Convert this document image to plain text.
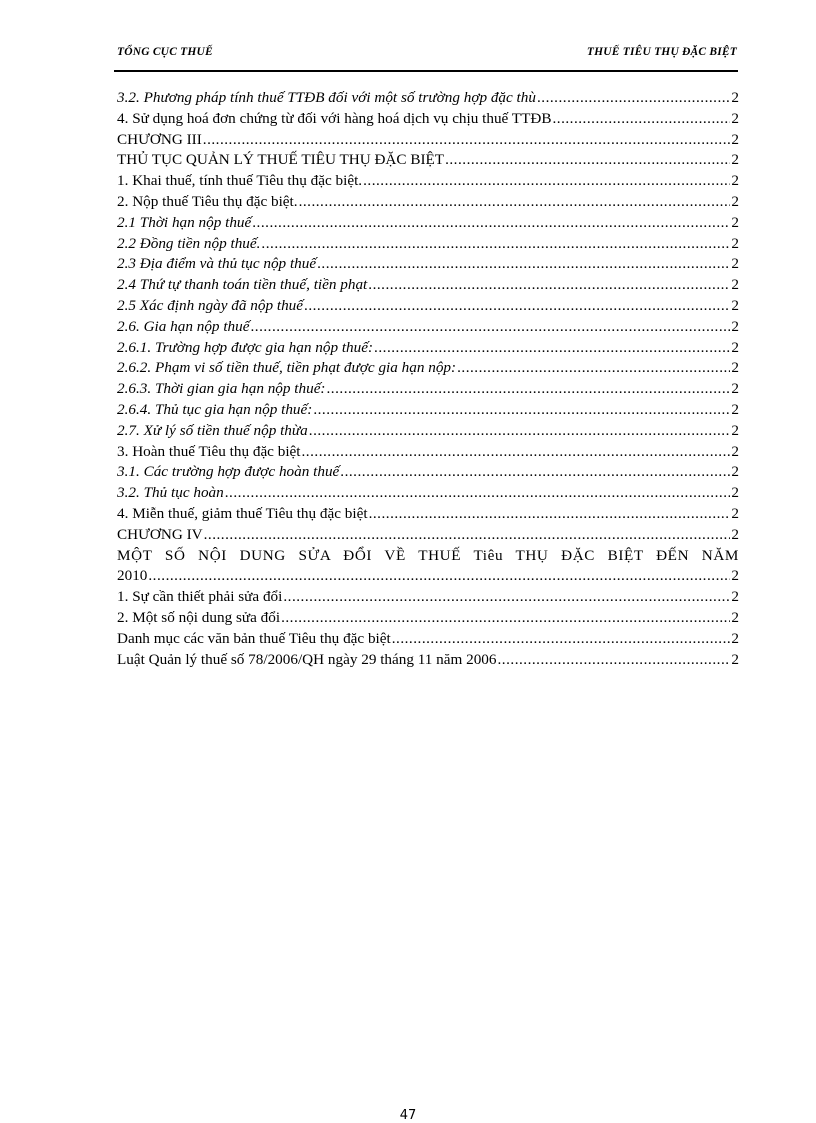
TỔNG CỤC THUẾ	THUẾ TIÊU THỤ ĐẶC BIỆT
3.2. Phương pháp tính thuế TTĐB đối với một số trường hợp đặc thù .....	2
4. Sử dụng hoá đơn chứng từ đối với hàng hoá dịch vụ chịu thuế TTĐB .....	2
CHƯƠNG III .....	2
THỦ TỤC QUẢN LÝ THUẾ TIÊU THỤ ĐẶC BIỆT .....	2
1. Khai thuế, tính thuế Tiêu thụ đặc biệt. .....	2
2. Nộp thuế Tiêu thụ đặc biệt. .....	2
2.1 Thời hạn nộp thuế .....	2
2.2 Đồng tiền nộp thuế. .....	2
2.3 Địa điểm và thủ tục nộp thuế .....	2
2.4 Thứ tự thanh toán tiền thuế, tiền phạt .....	2
2.5 Xác định ngày đã nộp thuế .....	2
2.6. Gia hạn nộp thuế .....	2
2.6.1. Trường hợp được gia hạn nộp thuế: .....	2
2.6.2. Phạm vi số tiền thuế, tiền phạt được gia hạn nộp: .....	2
2.6.3. Thời gian gia hạn nộp thuế: .....	2
2.6.4. Thủ tục gia hạn nộp thuế: .....	2
2.7. Xử lý số tiền thuế nộp thừa .....	2
3. Hoàn thuế Tiêu thụ đặc biệt .....	2
3.1. Các trường hợp được hoàn thuế .....	2
3.2. Thủ tục hoàn .....	2
4. Miễn thuế, giảm thuế Tiêu thụ đặc biệt .....	2
CHƯƠNG IV .....	2
MỘT SỐ NỘI DUNG SỬA ĐỔI VỀ THUẾ Tiêu THỤ ĐẶC BIỆT ĐẾN NĂM
2010 .....	2
1. Sự cần thiết phải sửa đổi .....	2
2. Một số nội dung sửa đổi .....	2
Danh mục các văn bản thuế Tiêu thụ đặc biệt .....	2
Luật Quản lý thuế số 78/2006/QH ngày 29 tháng 11 năm 2006 .....	2
47
